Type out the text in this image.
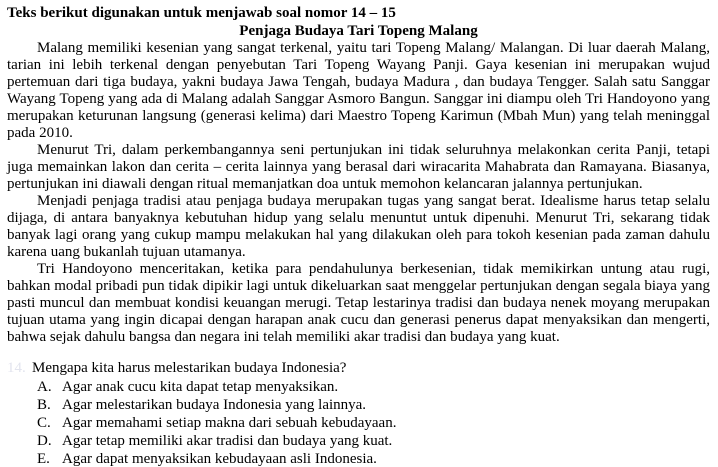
Teks berikut digunakan untuk menjawab soal nomor 14 – 15
Penjaga Budaya Tari Topeng Malang

Malang memiliki kesenian yang sangat terkenal, yaitu tari Topeng Malang/ Malangan. Di luar daerah Malang, tarian ini lebih terkenal dengan penyebutan Tari Topeng Wayang Panji. Gaya kesenian ini merupakan wujud pertemuan dari tiga budaya, yakni budaya Jawa Tengah, budaya Madura , dan budaya Tengger. Salah satu Sanggar Wayang Topeng yang ada di Malang adalah Sanggar Asmoro Bangun. Sanggar ini diampu oleh Tri Handoyono yang merupakan keturunan langsung (generasi kelima) dari Maestro Topeng Karimun (Mbah Mun) yang telah meninggal pada 2010.

Menurut Tri, dalam perkembangannya seni pertunjukan ini tidak seluruhnya melakonkan cerita Panji, tetapi juga memainkan lakon dan cerita – cerita lainnya yang berasal dari wiracarita Mahabrata dan Ramayana. Biasanya, pertunjukan ini diawali dengan ritual memanjatkan doa untuk memohon kelancaran jalannya pertunjukan.

Menjadi penjaga tradisi atau penjaga budaya merupakan tugas yang sangat berat. Idealisme harus tetap selalu dijaga, di antara banyaknya kebutuhan hidup yang selalu menuntut untuk dipenuhi. Menurut Tri, sekarang tidak banyak lagi orang yang cukup mampu melakukan hal yang dilakukan oleh para tokoh kesenian pada zaman dahulu karena uang bukanlah tujuan utamanya.

Tri Handoyono menceritakan, ketika para pendahulunya berkesenian, tidak memikirkan untung atau rugi, bahkan modal pribadi pun tidak dipikir lagi untuk dikeluarkan saat menggelar pertunjukan dengan segala biaya yang pasti muncul dan membuat kondisi keuangan merugi. Tetap lestarinya tradisi dan budaya nenek moyang merupakan tujuan utama yang ingin dicapai dengan harapan anak cucu dan generasi penerus dapat menyaksikan dan mengerti, bahwa sejak dahulu bangsa dan negara ini telah memiliki akar tradisi dan budaya yang kuat.

14. Mengapa kita harus melestarikan budaya Indonesia?
A. Agar anak cucu kita dapat tetap menyaksikan.
B. Agar melestarikan budaya Indonesia yang lainnya.
C. Agar memahami setiap makna dari sebuah kebudayaan.
D. Agar tetap memiliki akar tradisi dan budaya yang kuat.
E. Agar dapat menyaksikan kebudayaan asli Indonesia.
